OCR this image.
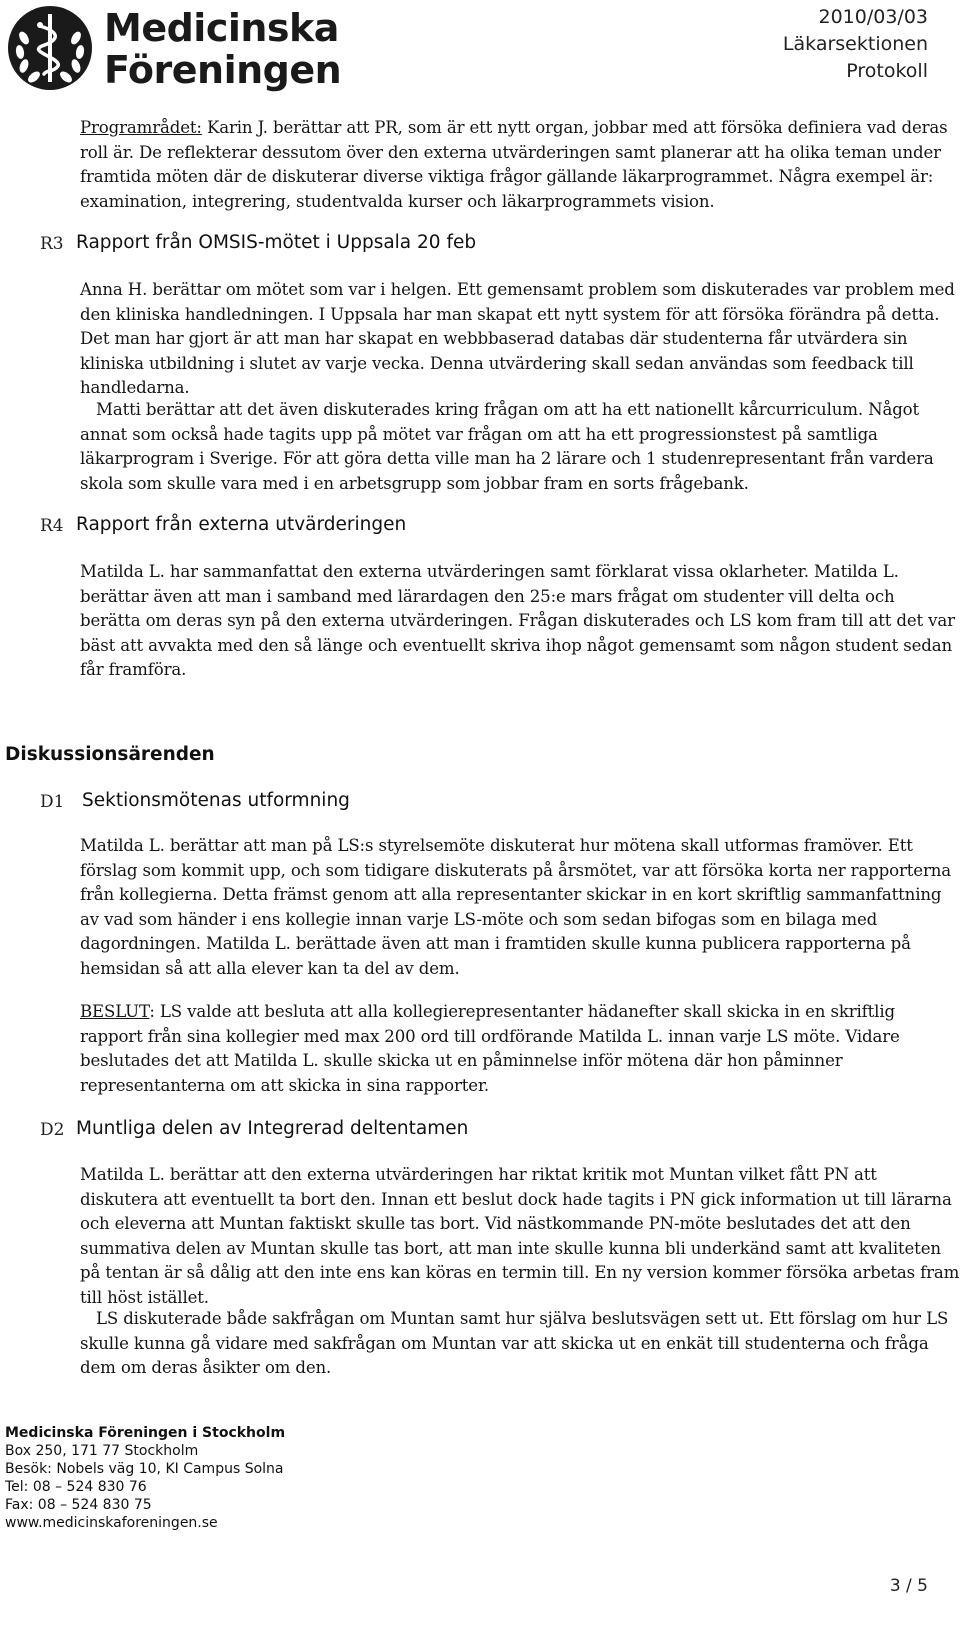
Medicinska
Föreningen
2010/03/03
Läkarsektionen
Protokoll
Programrådet: Karin J. berättar att PR, som är ett nytt organ, jobbar med att försöka definiera vad deras roll är. De reflekterar dessutom över den externa utvärderingen samt planerar att ha olika teman under framtida möten där de diskuterar diverse viktiga frågor gällande läkarprogrammet. Några exempel är: examination, integrering, studentvalda kurser och läkarprogrammets vision.
R3 Rapport från OMSIS-mötet i Uppsala 20 feb
Anna H. berättar om mötet som var i helgen. Ett gemensamt problem som diskuterades var problem med den kliniska handledningen. I Uppsala har man skapat ett nytt system för att försöka förändra på detta. Det man har gjort är att man har skapat en webbbaserad databas där studenterna får utvärdera sin kliniska utbildning i slutet av varje vecka. Denna utvärdering skall sedan användas som feedback till handledarna.
Matti berättar att det även diskuterades kring frågan om att ha ett nationellt kårcurriculum. Något annat som också hade tagits upp på mötet var frågan om att ha ett progressionstest på samtliga läkarprogram i Sverige. För att göra detta ville man ha 2 lärare och 1 studenrepresentant från vardera skola som skulle vara med i en arbetsgrupp som jobbar fram en sorts frågebank.
R4 Rapport från externa utvärderingen
Matilda L. har sammanfattat den externa utvärderingen samt förklarat vissa oklarheter. Matilda L. berättar även att man i samband med lärardagen den 25:e mars frågat om studenter vill delta och berätta om deras syn på den externa utvärderingen. Frågan diskuterades och LS kom fram till att det var bäst att avvakta med den så länge och eventuellt skriva ihop något gemensamt som någon student sedan får framföra.
Diskussionsärenden
D1 Sektionsmötenas utformning
Matilda L. berättar att man på LS:s styrelsemöte diskuterat hur mötena skall utformas framöver. Ett förslag som kommit upp, och som tidigare diskuterats på årsmötet, var att försöka korta ner rapporterna från kollegierna. Detta främst genom att alla representanter skickar in en kort skriftlig sammanfattning av vad som händer i ens kollegie innan varje LS-möte och som sedan bifogas som en bilaga med dagordningen. Matilda L. berättade även att man i framtiden skulle kunna publicera rapporterna på hemsidan så att alla elever kan ta del av dem.
BESLUT: LS valde att besluta att alla kollegierepresentanter hädanefter skall skicka in en skriftlig rapport från sina kollegier med max 200 ord till ordförande Matilda L. innan varje LS möte. Vidare beslutades det att Matilda L. skulle skicka ut en påminnelse inför mötena där hon påminner representanterna om att skicka in sina rapporter.
D2 Muntliga delen av Integrerad deltentamen
Matilda L. berättar att den externa utvärderingen har riktat kritik mot Muntan vilket fått PN att diskutera att eventuellt ta bort den. Innan ett beslut dock hade tagits i PN gick information ut till lärarna och eleverna att Muntan faktiskt skulle tas bort. Vid nästkommande PN-möte beslutades det att den summativa delen av Muntan skulle tas bort, att man inte skulle kunna bli underkänd samt att kvaliteten på tentan är så dålig att den inte ens kan köras en termin till. En ny version kommer försöka arbetas fram till höst istället.
LS diskuterade både sakfrågan om Muntan samt hur själva beslutsvägen sett ut. Ett förslag om hur LS skulle kunna gå vidare med sakfrågan om Muntan var att skicka ut en enkät till studenterna och fråga dem om deras åsikter om den.
Medicinska Föreningen i Stockholm
Box 250, 171 77 Stockholm
Besök: Nobels väg 10, KI Campus Solna
Tel: 08 – 524 830 76
Fax: 08 – 524 830 75
www.medicinskaforeningen.se
3 / 5
